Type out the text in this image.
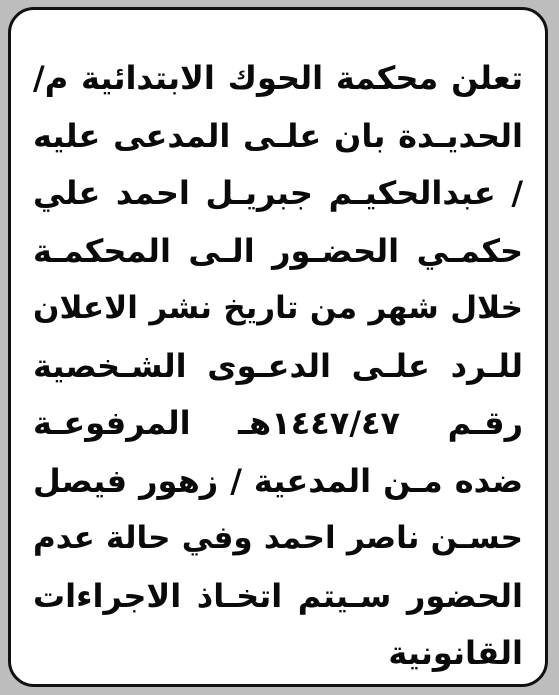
تعلن محكمة الحوك الابتدائية م/
الحديـدة بان علـى المدعى عليه
/ عبدالحكيـم جبريـل احمد علي
حكمـي الحضـور الـى المحكمـة
خلال شهر من تاريخ نشر الاعلان
للـرد علـى الدعـوى الشـخصية
رقـم ١٤٤٧/٤٧هـ المرفوعـة
ضده مـن المدعية / زهور فيصل
حسـن ناصر احمد وفي حالة عدم
الحضور سـيتم اتخـاذ الاجراءات
القانونية
